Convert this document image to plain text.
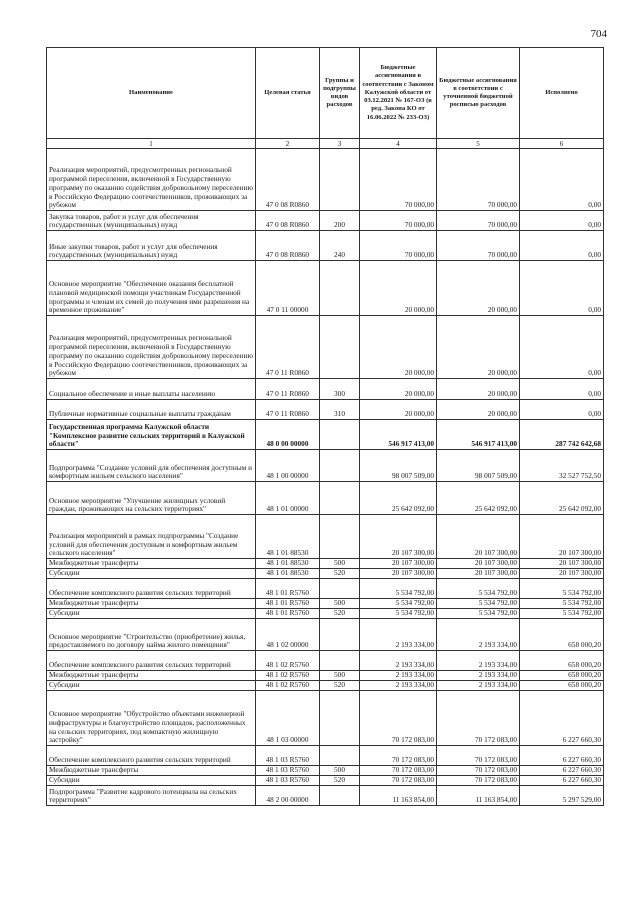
704
Наименование	Целевая статья	Группы и подгруппы видов расходов	Бюджетные ассигнования в соответствии с Законом Калужской области от 03.12.2021 № 167-ОЗ (в ред. Закона КО от 16.06.2022 № 233-ОЗ)	Бюджетные ассигнования в соответствии с уточненной бюджетной росписью расходов	Исполнено
1	2	3	4	5	6
Реализация мероприятий, предусмотренных региональной программой переселения, включенной в Государственную программу по оказанию содействия добровольному переселению в Российскую Федерацию соотечественников, проживающих за рубежом	47 0 08 R0860		70 000,00	70 000,00	0,00
Закупка товаров, работ и услуг для обеспечения государственных (муниципальных) нужд	47 0 08 R0860	200	70 000,00	70 000,00	0,00
Иные закупки товаров, работ и услуг для обеспечения государственных (муниципальных) нужд	47 0 08 R0860	240	70 000,00	70 000,00	0,00
Основное мероприятие "Обеспечение оказания бесплатной плановой медицинской помощи участникам Государственной программы и членам их семей до получения ими разрешения на временное проживание"	47 0 11 00000		20 000,00	20 000,00	0,00
Реализация мероприятий, предусмотренных региональной программой переселения, включенной в Государственную программу по оказанию содействия добровольному переселению в Российскую Федерацию соотечественников, проживающих за рубежом	47 0 11 R0860		20 000,00	20 000,00	0,00
Социальное обеспечение и иные выплаты населению	47 0 11 R0860	300	20 000,00	20 000,00	0,00
Публичные нормативные социальные выплаты гражданам	47 0 11 R0860	310	20 000,00	20 000,00	0,00
Государственная программа Калужской области "Комплексное развитие сельских территорий в Калужской области"	48 0 00 00000		546 917 413,00	546 917 413,00	287 742 642,68
Подпрограмма "Создание условий для обеспечения доступным и комфортным жильем сельского населения"	48 1 00 00000		98 007 509,00	98 007 509,00	32 527 752,50
Основное мероприятие "Улучшение жилищных условий граждан, проживающих на сельских территориях"	48 1 01 00000		25 642 092,00	25 642 092,00	25 642 092,00
Реализация мероприятий в рамках подпрограммы "Создание условий для обеспечения доступным и комфортным жильем сельского населения"	48 1 01 88530		20 107 300,00	20 107 300,00	20 107 300,00
Межбюджетные трансферты	48 1 01 88530	500	20 107 300,00	20 107 300,00	20 107 300,00
Субсидии	48 1 01 88530	520	20 107 300,00	20 107 300,00	20 107 300,00
Обеспечение комплексного развития сельских территорий	48 1 01 R5760		5 534 792,00	5 534 792,00	5 534 792,00
Межбюджетные трансферты	48 1 01 R5760	500	5 534 792,00	5 534 792,00	5 534 792,00
Субсидии	48 1 01 R5760	520	5 534 792,00	5 534 792,00	5 534 792,00
Основное мероприятие "Строительство (приобретение) жилья, предоставляемого по договору найма жилого помещения"	48 1 02 00000		2 193 334,00	2 193 334,00	658 000,20
Обеспечение комплексного развития сельских территорий	48 1 02 R5760		2 193 334,00	2 193 334,00	658 000,20
Межбюджетные трансферты	48 1 02 R5760	500	2 193 334,00	2 193 334,00	658 000,20
Субсидии	48 1 02 R5760	520	2 193 334,00	2 193 334,00	658 000,20
Основное мероприятие "Обустройство объектами инженерной инфраструктуры и благоустройство площадок, расположенных на сельских территориях, под компактную жилищную застройку"	48 1 03 00000		70 172 083,00	70 172 083,00	6 227 660,30
Обеспечение комплексного развития сельских территорий	48 1 03 R5760		70 172 083,00	70 172 083,00	6 227 660,30
Межбюджетные трансферты	48 1 03 R5760	500	70 172 083,00	70 172 083,00	6 227 660,30
Субсидии	48 1 03 R5760	520	70 172 083,00	70 172 083,00	6 227 660,30
Подпрограмма "Развитие кадрового потенциала на сельских территориях"	48 2 00 00000		11 163 854,00	11 163 854,00	5 297 529,00
